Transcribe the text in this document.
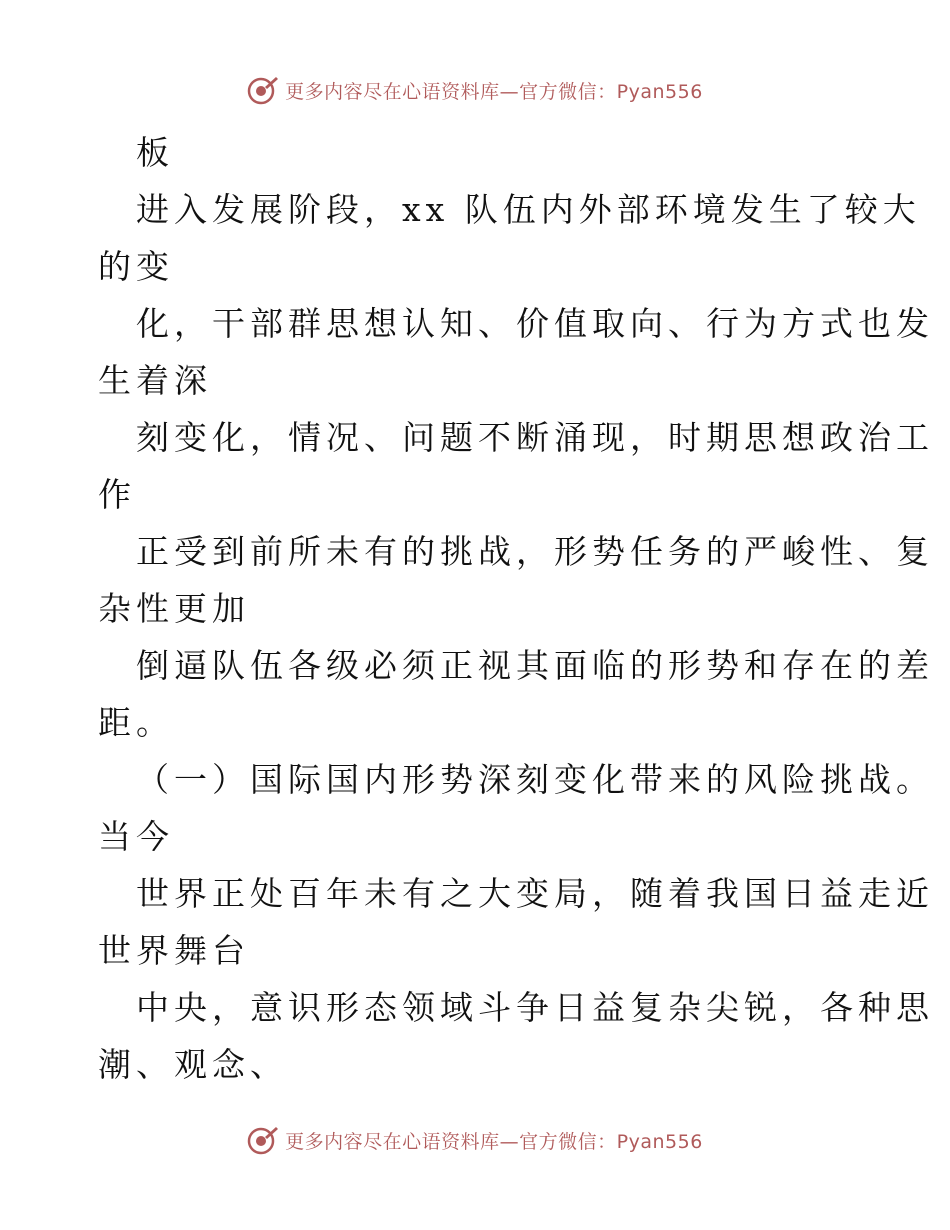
更多内容尽在心语资料库—官方微信：Pyan556
板
进入发展阶段，xx 队伍内外部环境发生了较大
的变
化，干部群思想认知、价值取向、行为方式也发
生着深
刻变化，情况、问题不断涌现，时期思想政治工
作
正受到前所未有的挑战，形势任务的严峻性、复
杂性更加
倒逼队伍各级必须正视其面临的形势和存在的差
距。
（一）国际国内形势深刻变化带来的风险挑战。
当今
世界正处百年未有之大变局，随着我国日益走近
世界舞台
中央，意识形态领域斗争日益复杂尖锐，各种思
潮、观念、
更多内容尽在心语资料库—官方微信：Pyan556
